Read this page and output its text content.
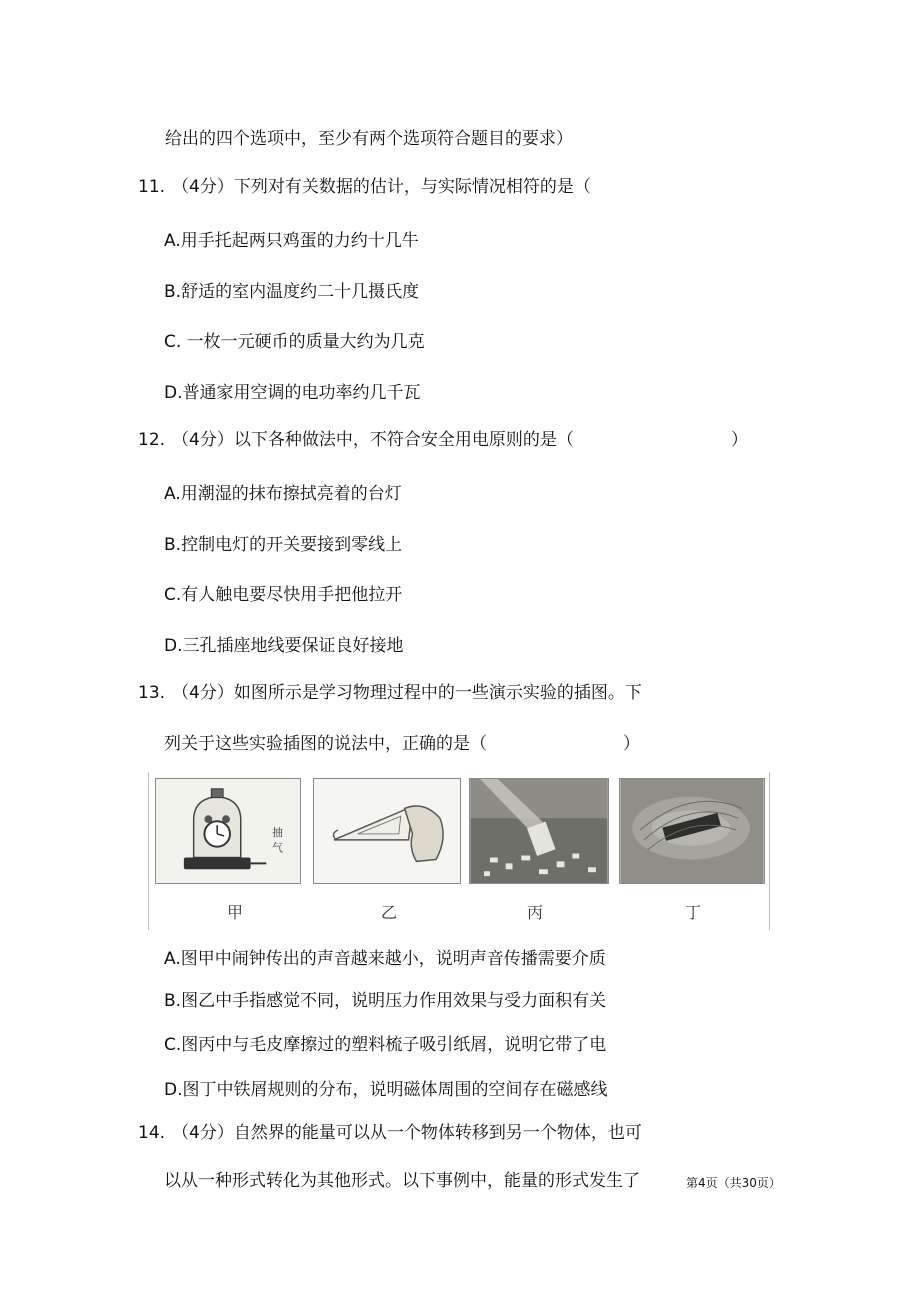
给出的四个选项中，至少有两个选项符合题目的要求）
11. （4分）下列对有关数据的估计，与实际情况相符的是（
A.用手托起两只鸡蛋的力约十几牛
B.舒适的室内温度约二十几摄氏度
C. 一枚一元硬币的质量大约为几克
D.普通家用空调的电功率约几千瓦
12. （4分）以下各种做法中，不符合安全用电原则的是（	）
A.用潮湿的抹布擦拭亮着的台灯
B.控制电灯的开关要接到零线上
C.有人触电要尽快用手把他拉开
D.三孔插座地线要保证良好接地
13. （4分）如图所示是学习物理过程中的一些演示实验的插图。下
列关于这些实验插图的说法中，正确的是（	）
抽
气
甲	乙	丙	丁
A.图甲中闹钟传出的声音越来越小，说明声音传播需要介质
B.图乙中手指感觉不同，说明压力作用效果与受力面积有关
C.图丙中与毛皮摩擦过的塑料梳子吸引纸屑，说明它带了电
D.图丁中铁屑规则的分布，说明磁体周围的空间存在磁感线
14. （4分）自然界的能量可以从一个物体转移到另一个物体，也可
以从一种形式转化为其他形式。以下事例中，能量的形式发生了	第4页（共30页）
